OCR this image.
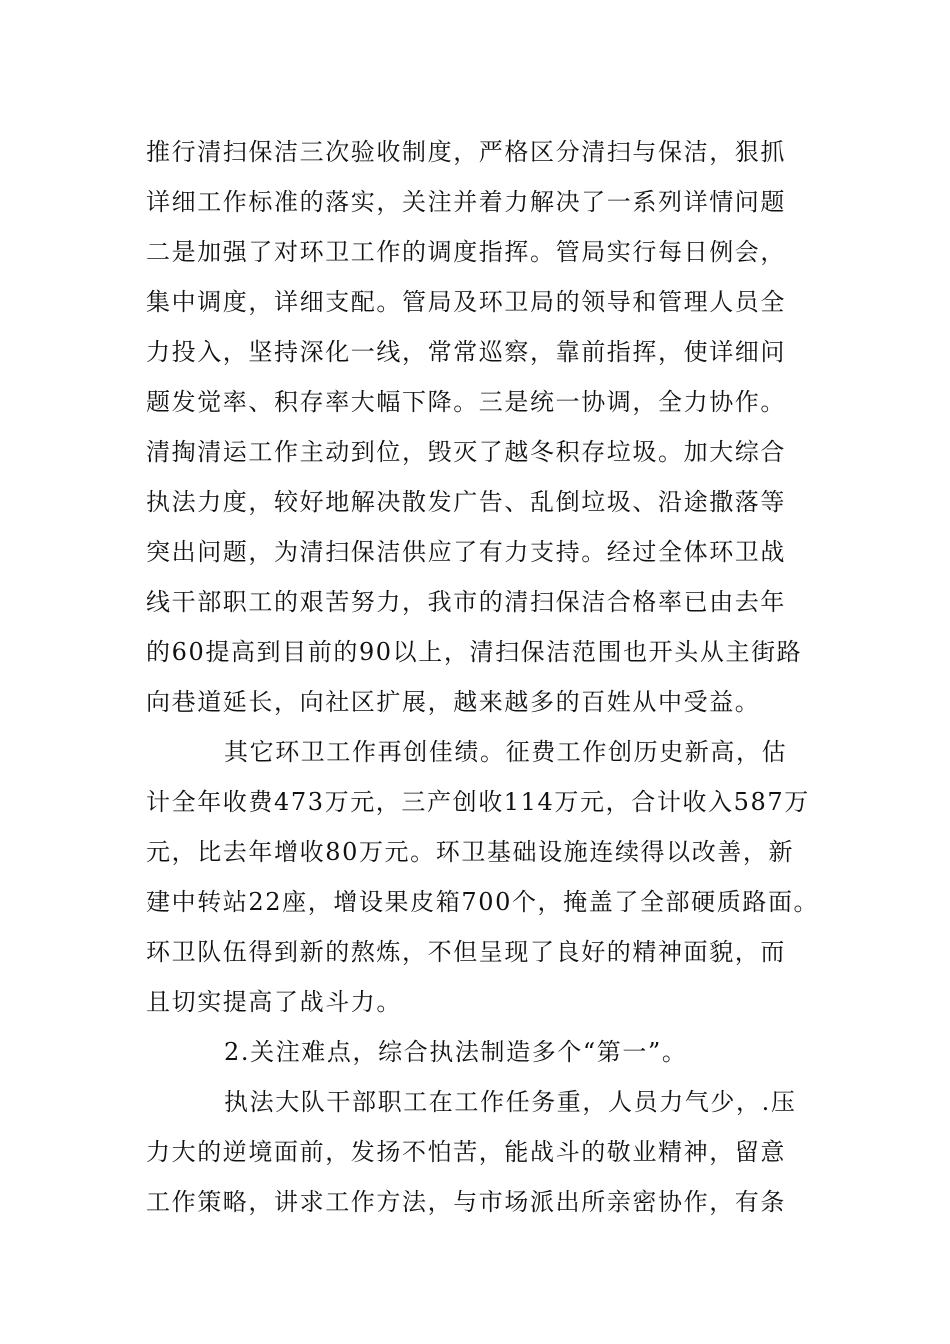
推行清扫保洁三次验收制度，严格区分清扫与保洁，狠抓
详细工作标准的落实，关注并着力解决了一系列详情问题
二是加强了对环卫工作的调度指挥。管局实行每日例会，
集中调度，详细支配。管局及环卫局的领导和管理人员全
力投入，坚持深化一线，常常巡察，靠前指挥，使详细问
题发觉率、积存率大幅下降。三是统一协调，全力协作。
清掏清运工作主动到位，毁灭了越冬积存垃圾。加大综合
执法力度，较好地解决散发广告、乱倒垃圾、沿途撒落等
突出问题，为清扫保洁供应了有力支持。经过全体环卫战
线干部职工的艰苦努力，我市的清扫保洁合格率已由去年
的60提高到目前的90以上，清扫保洁范围也开头从主街路
向巷道延长，向社区扩展，越来越多的百姓从中受益。
其它环卫工作再创佳绩。征费工作创历史新高，估
计全年收费473万元，三产创收114万元，合计收入587万
元，比去年增收80万元。环卫基础设施连续得以改善，新
建中转站22座，增设果皮箱700个，掩盖了全部硬质路面。
环卫队伍得到新的熬炼，不但呈现了良好的精神面貌，而
且切实提高了战斗力。
2.关注难点，综合执法制造多个“第一”。
执法大队干部职工在工作任务重，人员力气少，.压
力大的逆境面前，发扬不怕苦，能战斗的敬业精神，留意
工作策略，讲求工作方法，与市场派出所亲密协作，有条
